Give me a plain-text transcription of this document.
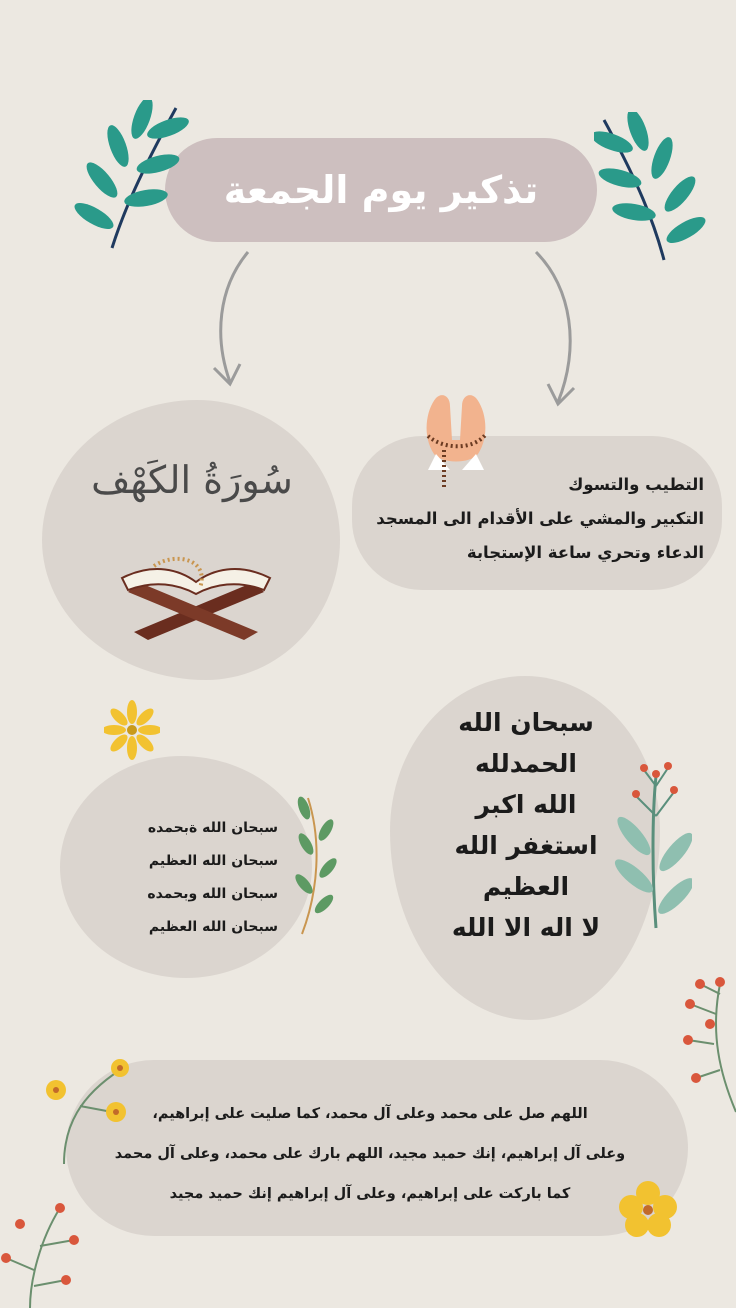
تذكير يوم الجمعة
سُورَةُ الكَهْف	التطيب والتسوك
التكبير والمشي على الأقدام الى المسجد
الدعاء وتحري ساعة الإستجابة
سبحان الله
الحمدلله
الله اكبر
استغفر الله
العظيم
لا اله الا الله
سبحان الله ةبحمده
سبحان الله العظيم
سبحان الله وبحمده
سبحان الله العظيم
اللهم صل على محمد وعلى آل محمد، كما صليت على إبراهيم،
وعلى آل إبراهيم، إنك حميد مجيد، اللهم بارك على محمد، وعلى آل محمد
كما باركت على إبراهيم، وعلى آل إبراهيم إنك حميد مجيد
